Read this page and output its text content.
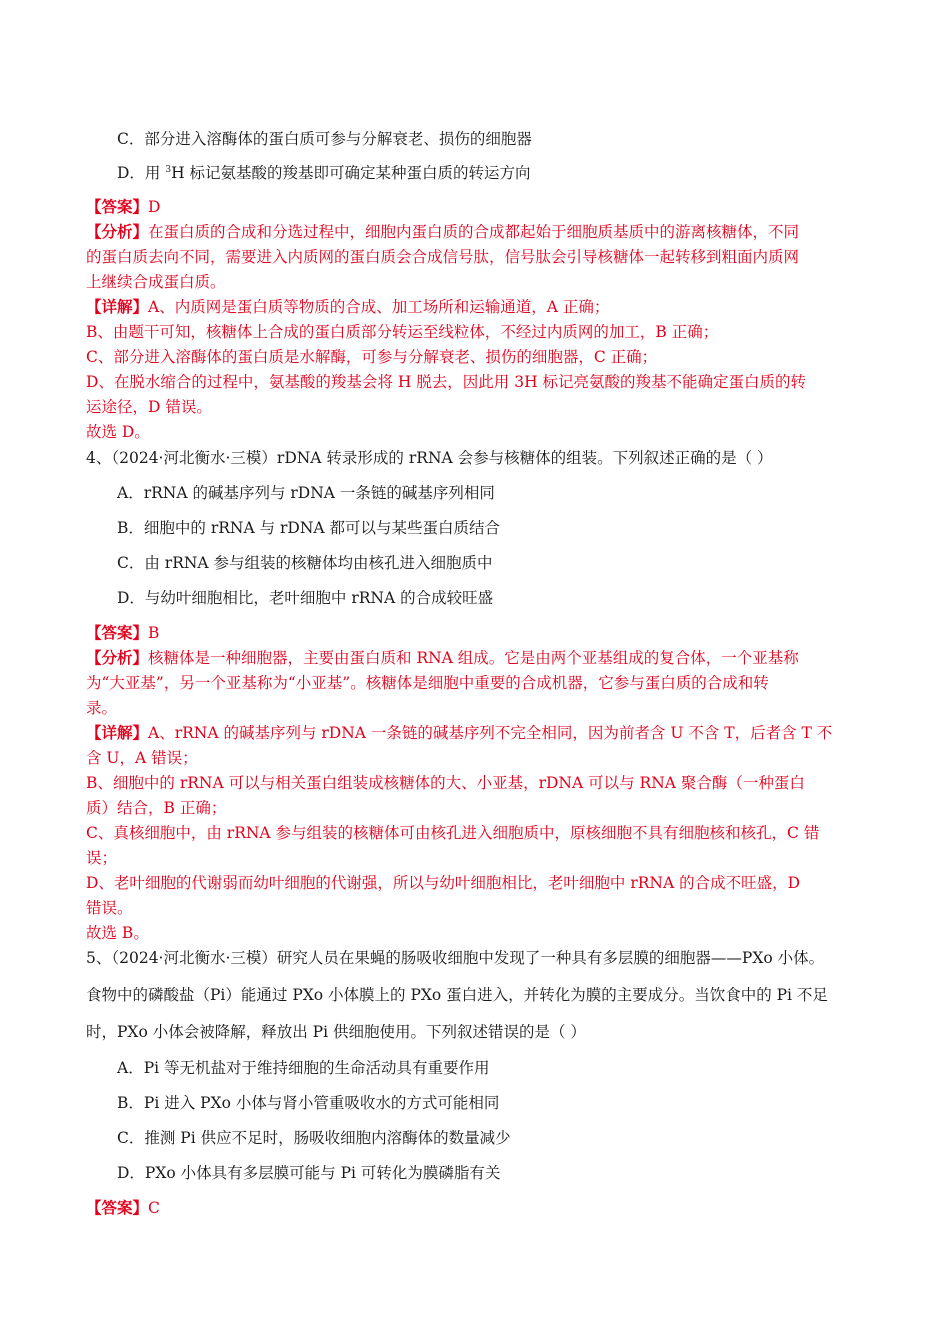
C．部分进入溶酶体的蛋白质可参与分解衰老、损伤的细胞器
D．用 $^3$H 标记氨基酸的羧基即可确定某种蛋白质的转运方向
【答案】D
【分析】在蛋白质的合成和分选过程中，细胞内蛋白质的合成都起始于细胞质基质中的游离核糖体，不同
的蛋白质去向不同，需要进入内质网的蛋白质会合成信号肽，信号肽会引导核糖体一起转移到粗面内质网
上继续合成蛋白质。
【详解】A、内质网是蛋白质等物质的合成、加工场所和运输通道，A 正确；
B、由题干可知，核糖体上合成的蛋白质部分转运至线粒体，不经过内质网的加工，B 正确；
C、部分进入溶酶体的蛋白质是水解酶，可参与分解衰老、损伤的细胞器，C 正确；
D、在脱水缩合的过程中，氨基酸的羧基会将 H 脱去，因此用 3H 标记亮氨酸的羧基不能确定蛋白质的转
运途径，D 错误。
故选 D。
4、（2024·河北衡水·三模）rDNA 转录形成的 rRNA 会参与核糖体的组装。下列叙述正确的是（ ）
A．rRNA 的碱基序列与 rDNA 一条链的碱基序列相同
B．细胞中的 rRNA 与 rDNA 都可以与某些蛋白质结合
C．由 rRNA 参与组装的核糖体均由核孔进入细胞质中
D．与幼叶细胞相比，老叶细胞中 rRNA 的合成较旺盛
【答案】B
【分析】核糖体是一种细胞器，主要由蛋白质和 RNA 组成。它是由两个亚基组成的复合体，一个亚基称
为“大亚基”，另一个亚基称为“小亚基”。核糖体是细胞中重要的合成机器，它参与蛋白质的合成和转
录。
【详解】A、rRNA 的碱基序列与 rDNA 一条链的碱基序列不完全相同，因为前者含 U 不含 T，后者含 T 不
含 U，A 错误；
B、细胞中的 rRNA 可以与相关蛋白组装成核糖体的大、小亚基，rDNA 可以与 RNA 聚合酶（一种蛋白
质）结合，B 正确；
C、真核细胞中，由 rRNA 参与组装的核糖体可由核孔进入细胞质中，原核细胞不具有细胞核和核孔，C 错
误；
D、老叶细胞的代谢弱而幼叶细胞的代谢强，所以与幼叶细胞相比，老叶细胞中 rRNA 的合成不旺盛，D
错误。
故选 B。
5、（2024·河北衡水·三模）研究人员在果蝇的肠吸收细胞中发现了一种具有多层膜的细胞器——PXo 小体。
食物中的磷酸盐（Pi）能通过 PXo 小体膜上的 PXo 蛋白进入，并转化为膜的主要成分。当饮食中的 Pi 不足
时，PXo 小体会被降解，释放出 Pi 供细胞使用。下列叙述错误的是（ ）
A．Pi 等无机盐对于维持细胞的生命活动具有重要作用
B．Pi 进入 PXo 小体与肾小管重吸收水的方式可能相同
C．推测 Pi 供应不足时，肠吸收细胞内溶酶体的数量减少
D．PXo 小体具有多层膜可能与 Pi 可转化为膜磷脂有关
【答案】C
